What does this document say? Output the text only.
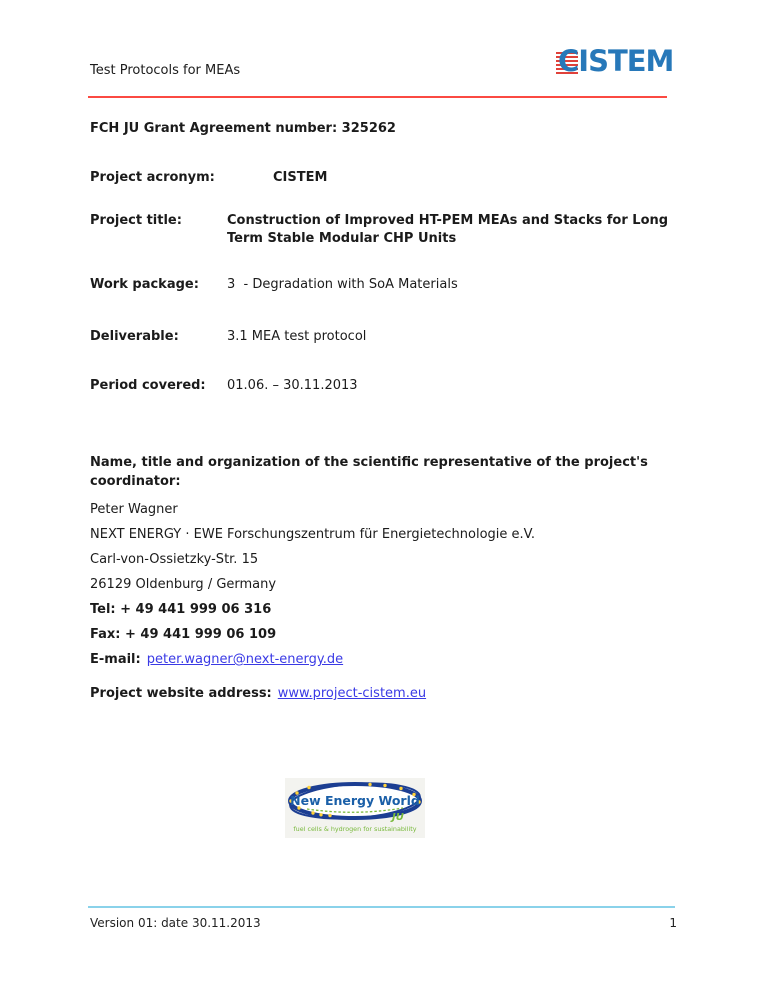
Test Protocols for MEAs	CISTEM
FCH JU Grant Agreement number: 325262
Project acronym:	CISTEM
Project title:	Construction of Improved HT-PEM MEAs and Stacks for Long Term Stable Modular CHP Units
Work package:	3  - Degradation with SoA Materials
Deliverable:	3.1 MEA test protocol
Period covered:	01.06. – 30.11.2013
Name, title and organization of the scientific representative of the project's coordinator:
Peter Wagner
NEXT ENERGY · EWE Forschungszentrum für Energietechnologie e.V.
Carl-von-Ossietzky-Str. 15
26129 Oldenburg / Germany
Tel: + 49 441 999 06 316
Fax: + 49 441 999 06 109
E-mail: peter.wagner@next-energy.de
Project website address: www.project-cistem.eu
New Energy World
JU
fuel cells & hydrogen for sustainability
Version 01: date 30.11.2013	1
